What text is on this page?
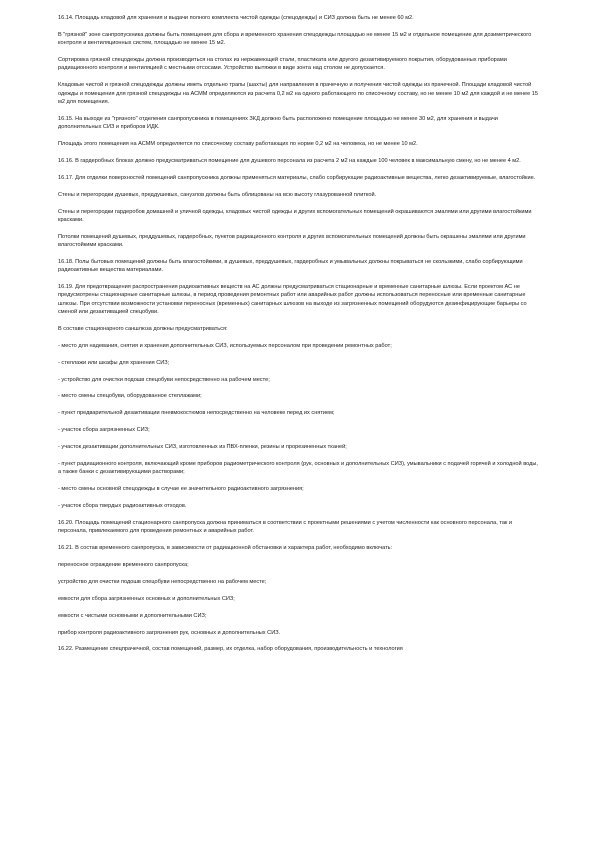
16.14. Площадь кладовой для хранения и выдачи полного комплекта чистой одежды (спецодежды) и СИЗ должна быть не менее 60 м2.

В "грязной" зоне санпропускника должны быть помещения для сбора и временного хранения спецодежды площадью не менее 15 м2 и отдельное помещение для дозиметрического контроля и вентиляционных систем, площадью не менее 15 м2.

Сортировка грязной спецодежды должна производиться на столах из нержавеющей стали, пластиката или другого дезактивируемого покрытия, оборудованных приборами радиационного контроля и вентиляцией с местными отсосами. Устройство вытяжки в виде зонта над столом не допускается.

Кладовые чистой и грязной спецодежды должны иметь отдельно трапы (шахты) для направления в прачечную и получения чистой одежды из прачечной. Площади кладовой чистой одежды и помещения для грязной спецодежды на АСММ определяются из расчета 0,2 м2 на одного работающего по списочному составу, но не менее 10 м2 для каждой и не менее 15 м2 для помещения.

16.15. На выходе из "грязного" отделения санпропускника в помещениях ЗКД должно быть расположено помещение площадью не менее 30 м2, для хранения и выдачи дополнительных СИЗ и приборов ИДК.

Площадь этого помещения на АСММ определяется по списочному составу работающих по норме 0,2 м2 на человека, но не менее 10 м2.

16.16. В гардеробных блоках должно предусматриваться помещение для душевого персонала из расчета 2 м2 на каждые 100 человек в максимальную смену, но не менее 4 м2.

16.17. Для отделки поверхностей помещений санпропускника должны применяться материалы, слабо сорбирующие радиоактивные вещества, легко дезактивируемые, влагостойкие.

Стены и перегородки душевых, преддушевых, санузлов должны быть облицованы на всю высоту глазурованной плиткой.

Стены и перегородки гардеробов домашней и уличной одежды, кладовых чистой одежды и других вспомогательных помещений окрашиваются эмалями или другими влагостойкими красками.

Потолки помещений душевых, преддушевых, гардеробных, пунктов радиационного контроля и других вспомогательных помещений должны быть окрашены эмалями или другими влагостойкими красками.

16.18. Полы бытовых помещений должны быть влагостойкими, в душевых, преддушевых, гардеробных и умывальных должны покрываться не скользкими, слабо сорбирующими радиоактивные вещества материалами.

16.19. Для предотвращения распространения радиоактивных веществ на АС должны предусматриваться стационарные и временные санитарные шлюзы. Если проектом АС не предусмотрены стационарные санитарные шлюзы, в период проведения ремонтных работ или аварийных работ должны использоваться переносные или временные санитарные шлюзы. При отсутствии возможности установки переносных (временных) санитарных шлюзов на выходе из загрязненных помещений оборудуются дезинфицирующие барьеры со сменой или дезактивацией спецобуви.

В составе стационарного саншлюза должны предусматриваться:

- место для надевания, снятия и хранения дополнительных СИЗ, используемых персоналом при проведении ремонтных работ;

- стеллажи или шкафы для хранения СИЗ;

- устройство для очистки подошв спецобуви непосредственно на рабочем месте;

- место смены спецобуви, оборудованное стеллажами;

- пункт предварительной дезактивации пневмокостюмов непосредственно на человеке перед их снятием;

- участок сбора загрязненных СИЗ;

- участок дезактивации дополнительных СИЗ, изготовленных из ПВХ-пленки, резины и прорезиненных тканей;

- пункт радиационного контроля, включающий кроме приборов радиометрического контроля (рук, основных и дополнительных СИЗ), умывальники с подачей горячей и холодной воды, а также банки с дезактивирующими растворами;

- место смены основной спецодежды в случае ее значительного радиоактивного загрязнения;

- участок сбора твердых радиоактивных отходов.

16.20. Площадь помещений стационарного санпропуска должна приниматься в соответствии с проектными решениями с учетом численности как основного персонала, так и персонала, привлекаемого для проведения ремонтных и аварийных работ.

16.21. В состав временного санпропуска, в зависимости от радиационной обстановки и характера работ, необходимо включать:

переносное ограждение временного санпропуска;

устройство для очистки подошв спецобуви непосредственно на рабочем месте;

емкости для сбора загрязненных основных и дополнительных СИЗ;

емкости с чистыми основными и дополнительными СИЗ;

прибор контроля радиоактивного загрязнения рук, основных и дополнительных СИЗ.

16.22. Размещение спецпрачечной, состав помещений, размер, их отделка, набор оборудования, производительность и технология
